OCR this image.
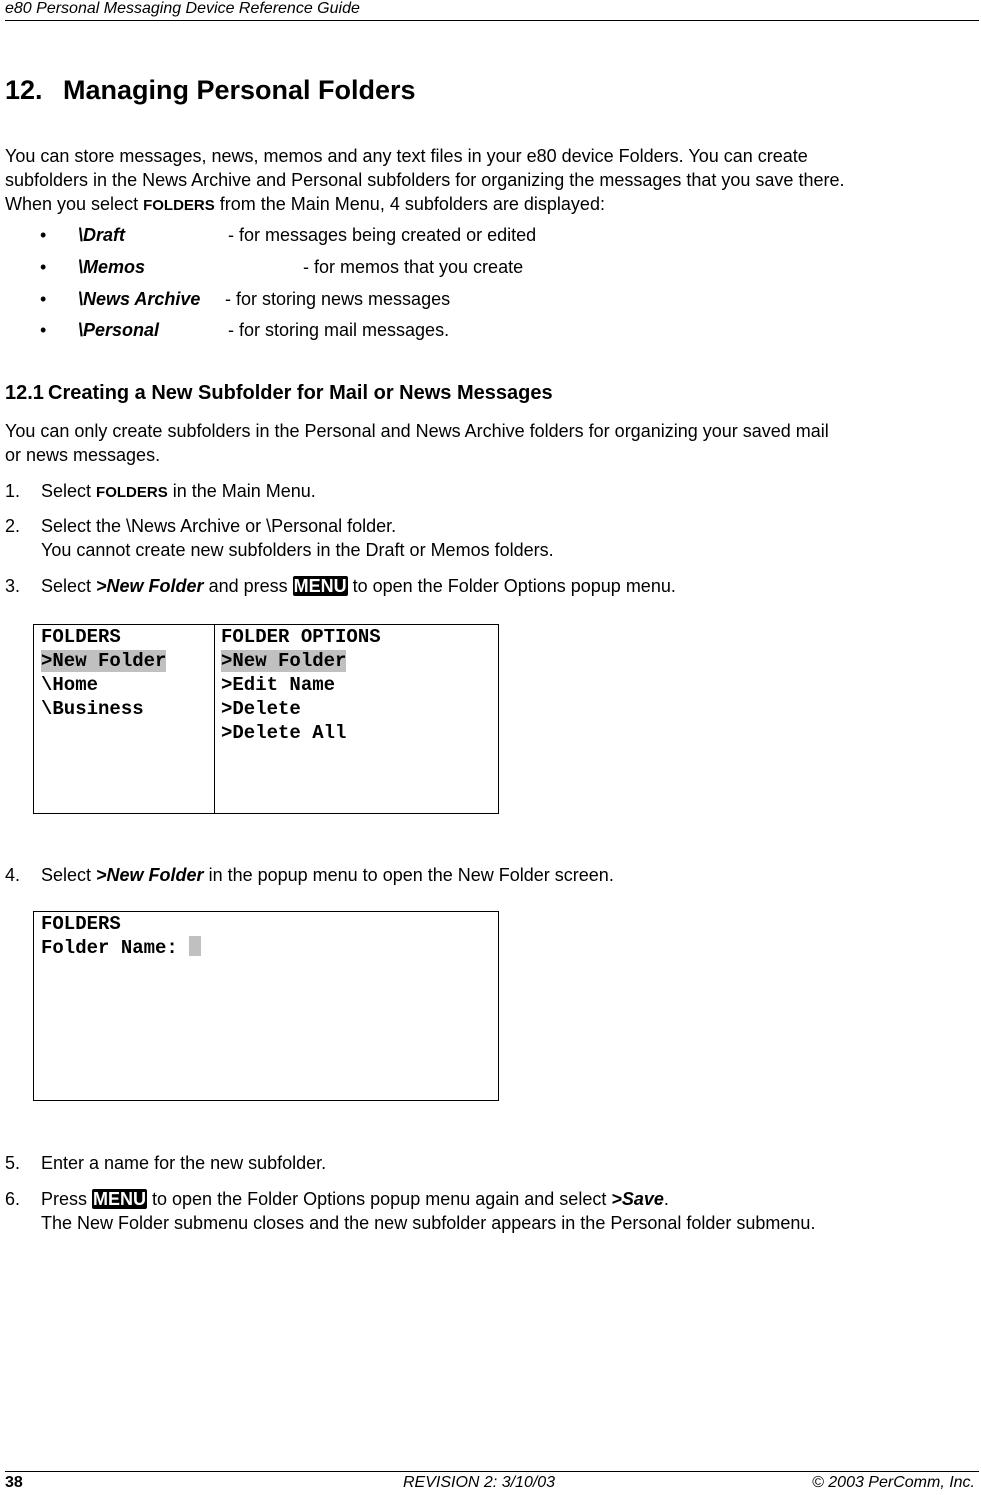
e80 Personal Messaging Device Reference Guide
12. Managing Personal Folders

You can store messages, news, memos and any text files in your e80 device Folders. You can create
subfolders in the News Archive and Personal subfolders for organizing the messages that you save there.
When you select FOLDERS from the Main Menu, 4 subfolders are displayed:

• \Draft	- for messages being created or edited
• \Memos	- for memos that you create
• \News Archive - for storing news messages
• \Personal	- for storing mail messages.
12.1 Creating a New Subfolder for Mail or News Messages

You can only create subfolders in the Personal and News Archive folders for organizing your saved mail
or news messages.

1. Select FOLDERS in the Main Menu.
2. Select the \News Archive or \Personal folder.
You cannot create new subfolders in the Draft or Memos folders.
3. Select >New Folder and press MENU to open the Folder Options popup menu.
FOLDERS
>New Folder
\Home
\Business
FOLDER OPTIONS
>New Folder
>Edit Name
>Delete
>Delete All
4. Select >New Folder in the popup menu to open the New Folder screen.
FOLDERS
Folder Name:
5. Enter a name for the new subfolder.
6. Press MENU to open the Folder Options popup menu again and select >Save.
The New Folder submenu closes and the new subfolder appears in the Personal folder submenu.
38	REVISION 2: 3/10/03	© 2003 PerComm, Inc.
